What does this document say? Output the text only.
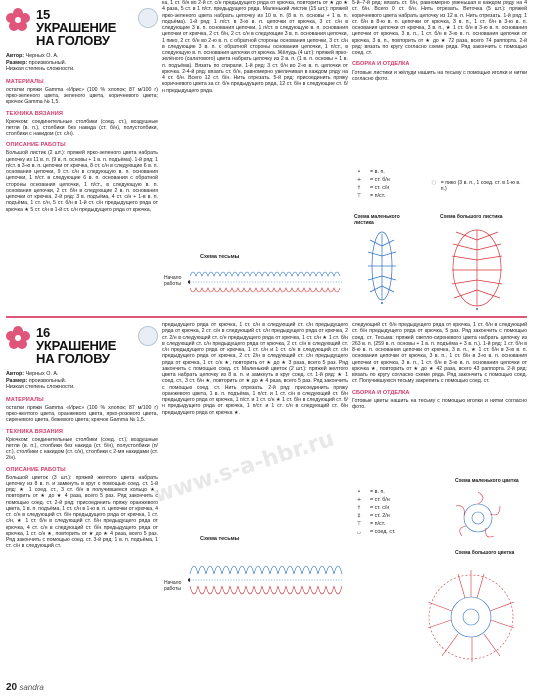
15 УКРАШЕНИЕ
НА ГОЛОВУ
Автор: Черных О. А.
Размер: произвольный.
Низкая степень сложности.
МАТЕРИАЛЫ

остатки пряжи Gamma «Ирис» (100 % хлопок; 87 м/100 г) ярко-зеленого цвета, зеленого цвета, коричневого цвета; крючок Gamma № 1,5.

ТЕХНИКА ВЯЗАНИЯ

Крючком: соединительные столбики (соед. ст.), воздушные петли (в. п.), столбики без накида (ст. б/н), полустолбики, столбики с накидом (ст. с/н).

ОПИСАНИЕ РАБОТЫ

Большой листик (2 шт.): пряжей ярко-зеленого цвета набрать цепочку из 11 в. п. (9 в. п. основы + 1 в. п. подъёма). 1-й ряд: 1 п/ст. в 3-ю в. п. цепочки от крючка, 8 ст. с/н в следующие 6 в. п. основания цепочки, 9 ст. с/н в следующую в. п. основания цепочки, 1 п/ст. в следующие 6 в. п. основания с обратной стороны основания цепочки, 1 п/ст., в следующую в. п. основания цепочки, 2 ст. б/н в следующие 2 в. п. основания цепочки от крючка. 2-й ряд: 3 в. подъёма, 4 ст. с/н + 1-в в. п. подъёма, 1 ст. с/н, 5 ст. б/н в 1-й ст. с/н предыдущего ряда от крючка ★ 5 ст. с/н в 1-й ст. с/н предыдущего ряда от крючка,

ка, 1 ст. б/н во 2-й ст. с/н предыдущего ряда от крючка, повторить от ★ до ★ 4 раза, 5 ст. в 1 п/ст. предыдущего ряда. Маленький листик (15 шт.): пряжей ярко-зеленого цвета набрать цепочку из 10 в. п. (8 в. п. основы + 1 в. п. подъёма). 1-й ряд: 1 п/ст. в 3-ю в. п. цепочки от крючка, 3 ст. с/н в следующие 3 в. п. основания цепочки, 1 п/ст. в следующую в. п. основания цепочки от крючка, 2 ст. б/н, 2 ст. с/н в следующие 3 в. п. основания цепочки, 1 пико, 2 ст. б/н во 2-ю в. п. с обратной стороны основания цепочки, 3 ст. с/н в следующие 3 в. п. с обратной стороны основания цепочки, 1 п/ст., в следующую в. п. основания цепочки от крючка. Жёлудь (4 шт.): пряжей ярко-зелёного (салатового) цвета набрать цепочку из 2 в. п. (1 в. п. основы + 1 в. п. подъёма). Вязать по спирали. 1-й ряд: 3 ст. б/н во 2-ю в. п. цепочки от крючка. 2-4-й ряд: вязать ст. б/н, равномерно увеличивая в каждом ряду на 4 ст. б/н. Всего 12 ст. б/н. Нить отрезать. 5-й ряд: присоединить пряжу коричневого цвета за ст. б/н предыдущего ряда, 12 ст. б/н в следующие ст. б/н предыдущего ряда.

5-й–7-й ряд: вязать ст. б/н, равномерно уменьшая в каждом ряду на 4 ст. б/н. Всего 0 ст. б/н. Нить отрезать. Веточка (5 шт.): пряжей коричневого цвета набрать цепочку из 12 в. п. Нить отрезать. 1-й ряд: 1 ст. б/н в 8-ю в. п. цепочки от крючка, 3 в. п., 1 ст. б/н в 3-ю в. п. основания цепочки от крючка, 3 в. п., ★ 1 ст. б/н в 3-ю в. п. основания цепочки от крючка, 3 в. п., 1 ст. б/н в 3-ю в. п. основания цепочки от крючка, 3 в. п., повторить от ★ до ★ 72 раза, всего 74 раппорта. 2-й ряд: вязать по кругу согласно схеме ряда. Ряд закончить с помощью соед. ст.

СБОРКА И ОТДЕЛКА

Готовые листики и жёлуди нашить на тесьму с помощью иголки и нитки согласно фото.

•	= в. п.
+	= ст. б/н
†	= ст. с/н
⊤	= п/ст.
◌ = пико (3 в. п., 1 соед. ст. в 1-ю в. п.)
Схема маленького листика
Схема большого листика
Схема тесьмы
Начало работы
16 УКРАШЕНИЕ
НА ГОЛОВУ
Автор: Черных О. А.
Размер: произвольный.
Низкая степень сложности.
МАТЕРИАЛЫ

остатки пряжи Gamma «Ирис» (100 % хлопок; 87 м/100 г) ярко-желтого цвета, оранжевого цвета, ярко-розового цвета, сиреневого цвета, бежевого цвета; крючок Gamma № 1,5.

ТЕХНИКА ВЯЗАНИЯ

Крючком: соединительные столбики (соед. ст.), воздушные петли (в. п.), столбики без накида (ст. б/н), полустолбики (п/ст.), столбики с накидом (ст. с/н), столбики с 2-мя накидами (ст. 2/н).

ОПИСАНИЕ РАБОТЫ

Большой цветок (3 шт.): пряжей желтого цвета набрать цепочку из 8 в. п. и замкнуть в круг с помощью соед. ст. 1-й ряд: ★ 1 соед. ст., 3 ст. б/н в получившееся кольцо ★, повторить от ★ до ★ 4 раза, всего 5 раз. Ряд закончить с помощью соед. ст. 2-й ряд: присоединить пряжу оранжевого цвета, 1 в. п. подъёма, 1 ст. с/н в 1-ю в. п. цепочки от крючка, 4 ст. с/н в следующий ст. б/н предыдущего ряда от крючка, 1 ст. с/н, ★ 1 ст. б/н в следующий ст. б/н предыдущего ряда от крючка, 4 ст. с/н в следующий ст. б/н предыдущего ряда от крючка, 1 ст. с/н ★, повторить от ★ до ★ 4 раза, всего 5 раз. Ряд закончить с помощью соед. ст. 3-й ряд: 1 в. п. подъёма, 1 ст. с/н в следующий ст.

предыдущего ряда от крючка, 1 ст. с/н в следующий ст. с/н предыдущего ряда от крючка, 2 ст. с/н в следующий ст. с/н предыдущего ряда от крючка, 2 ст. 2/н в следующий ст. с/н предыдущего ряда от крючка, 1 ст. с/н ★ 1 ст. б/н в следующий ст. с/н предыдущего ряда от крючка, 2 ст. с/н в следующий ст. с/н предыдущего ряда от крючка, 1 ст. с/н и 1 ст. с/н в следующий ст. с/н предыдущего ряда от крючка, 2 ст. 2/н в следующий ст. с/н предыдущего ряда от крючка, 1 ст. с/н ★, повторить от ★ до ★ 3 раза, всего 5 раз. Ряд закончить с помощью соед. ст. Маленький цветок (2 шт.): пряжей желтого цвета набрать цепочку из 8 в. п. и замкнуть в круг соед. ст. 1-й ряд: ★ 1 соед. ст., 3 ст. б/н ★, повторить от ★ до ★ 4 раза, всего 5 раз. Ряд закончить с помощью соед. ст. Нить отрезать. 2-й ряд: присоединить пряжу оранжевого цвета, 1 в. п. подъёма, 1 п/ст. и 1 ст. с/н в следующий ст. б/н предыдущего ряда от крючка, 1 п/ст. и 1 ст. с/н ★ 1 ст. б/н в следующий ст. б/н предыдущего ряда от крючка, 1 п/ст. и 1 ст. с/н в следующий ст. б/н предыдущего ряда от крючка ★.

следующий ст. б/н предыдущего ряда от крючка, 1 ст. б/н в следующий ст. б/н предыдущего ряда от крючка, 5 раз. Ряд закончить с помощью соед. ст. Тесьма: пряжей светло-сиреневого цвета набрать цепочку из 263 в. п. (259 в. п. основы + 1 в. п. подъёма + 3 в. п.). 1-й ряд: 1 ст. б/н в 8-ю в. п. основания цепочки от крючка, 3 в. п., ★ 1 ст. б/н в 3-ю в. п. основания цепочки от крючка, 3 в. п., 1 ст. б/н в 3-ю в. п. основания цепочки от крючка, 3 в. п., 1 ст. б/н в 3-ю в. п. основания цепочки от крючка ★, повторить от ★ до ★ 42 раза, всего 43 раппорта. 2-й ряд: вязать по кругу согласно схеме ряда. Ряд закончить с помощью соед. ст. Получившуюся тесьму закрепить с помощью соед. ст.

СБОРКА И ОТДЕЛКА

Готовые цветы нашить на тесьму с помощью иголки и нитки согласно фото.

•	= в. п.
+	= ст. б/н
†	= ст. с/н
‡	= ст. 2/н
⊤	= п/ст.
◡	= соед. ст.
Схема маленького цветка
Схема большого цветка
Схема тесьмы
Начало работы
20 sandra
www.s-a-hbr.ru
